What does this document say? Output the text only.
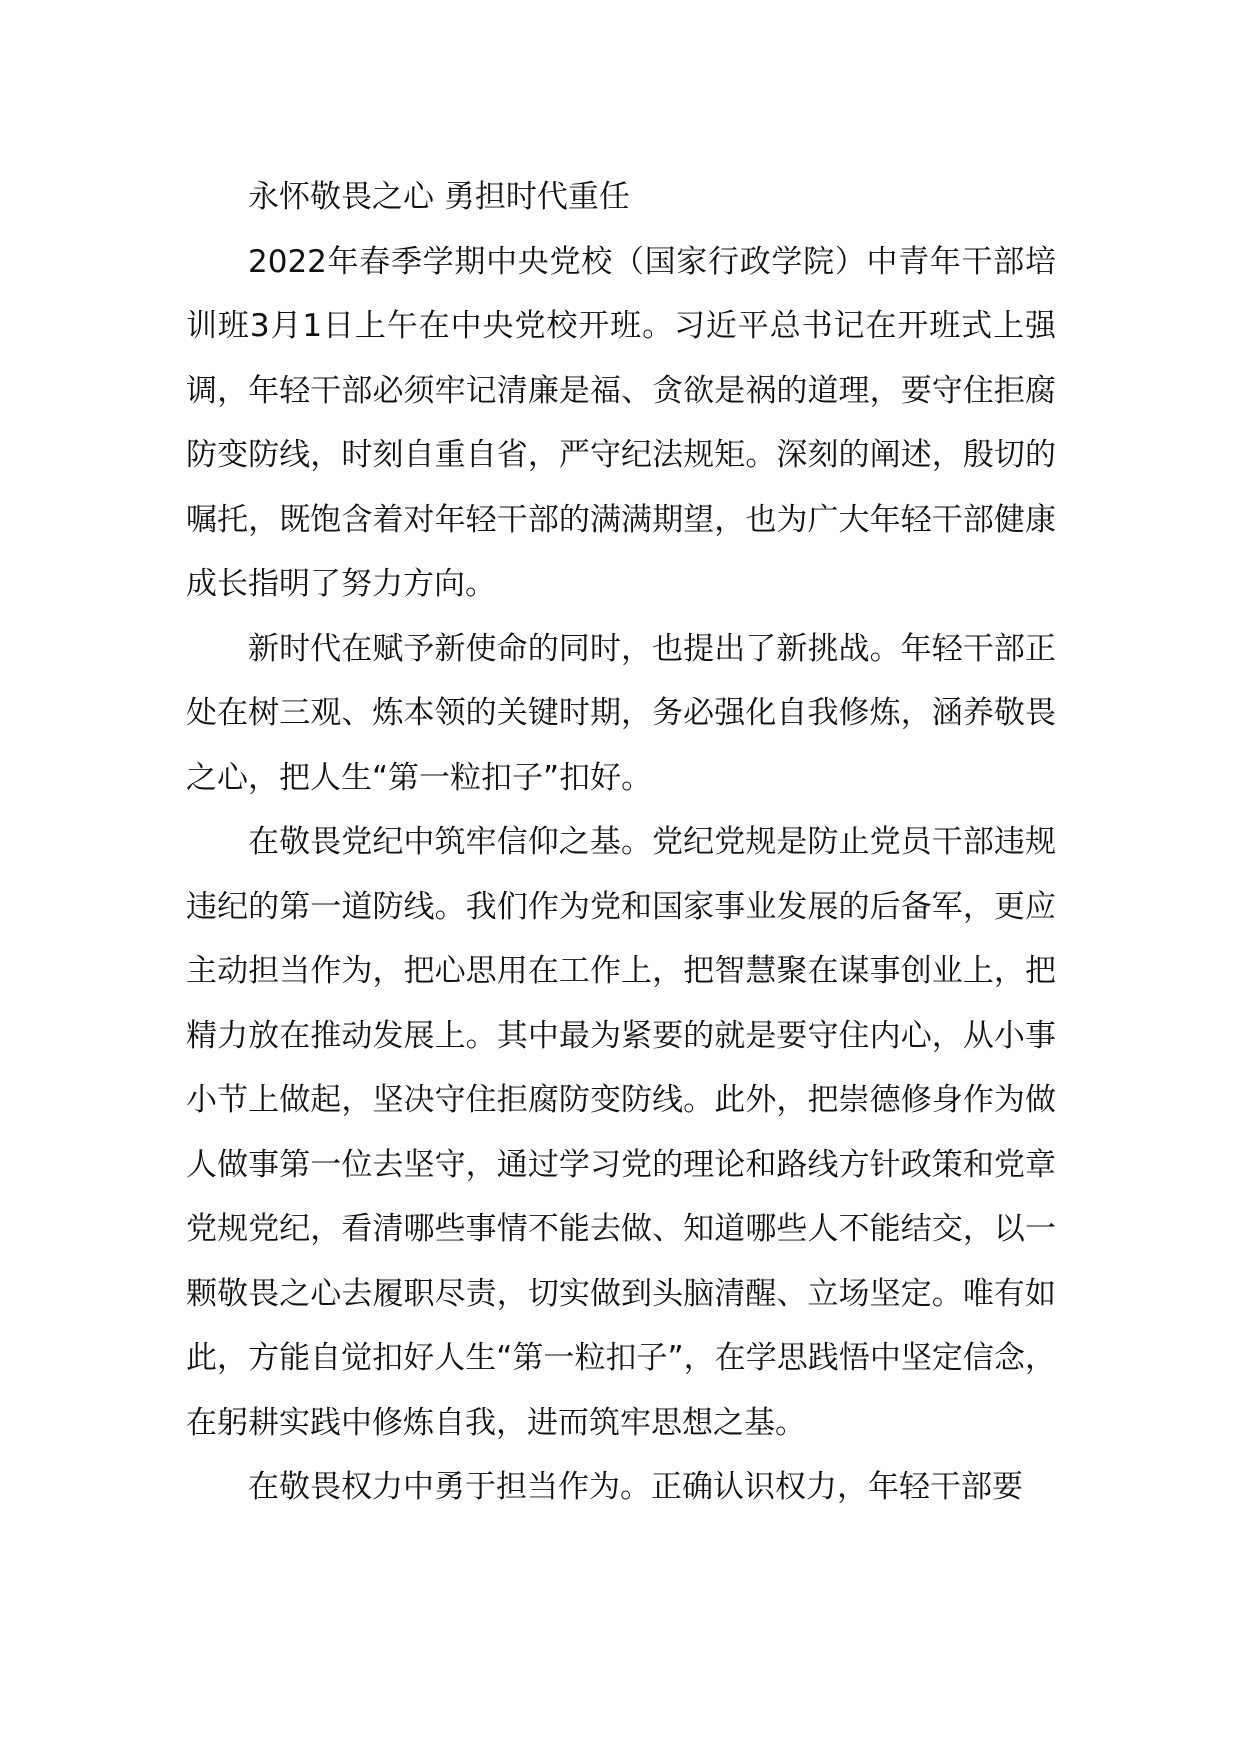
永怀敬畏之心 勇担时代重任

2022年春季学期中央党校（国家行政学院）中青年干部培训班3月1日上午在中央党校开班。习近平总书记在开班式上强调，年轻干部必须牢记清廉是福、贪欲是祸的道理，要守住拒腐防变防线，时刻自重自省，严守纪法规矩。深刻的阐述，殷切的嘱托，既饱含着对年轻干部的满满期望，也为广大年轻干部健康成长指明了努力方向。

新时代在赋予新使命的同时，也提出了新挑战。年轻干部正处在树三观、炼本领的关键时期，务必强化自我修炼，涵养敬畏之心，把人生“第一粒扣子”扣好。

在敬畏党纪中筑牢信仰之基。党纪党规是防止党员干部违规违纪的第一道防线。我们作为党和国家事业发展的后备军，更应主动担当作为，把心思用在工作上，把智慧聚在谋事创业上，把精力放在推动发展上。其中最为紧要的就是要守住内心，从小事小节上做起，坚决守住拒腐防变防线。此外，把崇德修身作为做人做事第一位去坚守，通过学习党的理论和路线方针政策和党章党规党纪，看清哪些事情不能去做、知道哪些人不能结交，以一颗敬畏之心去履职尽责，切实做到头脑清醒、立场坚定。唯有如此，方能自觉扣好人生“第一粒扣子”，在学思践悟中坚定信念，在躬耕实践中修炼自我，进而筑牢思想之基。

在敬畏权力中勇于担当作为。正确认识权力，年轻干部要
